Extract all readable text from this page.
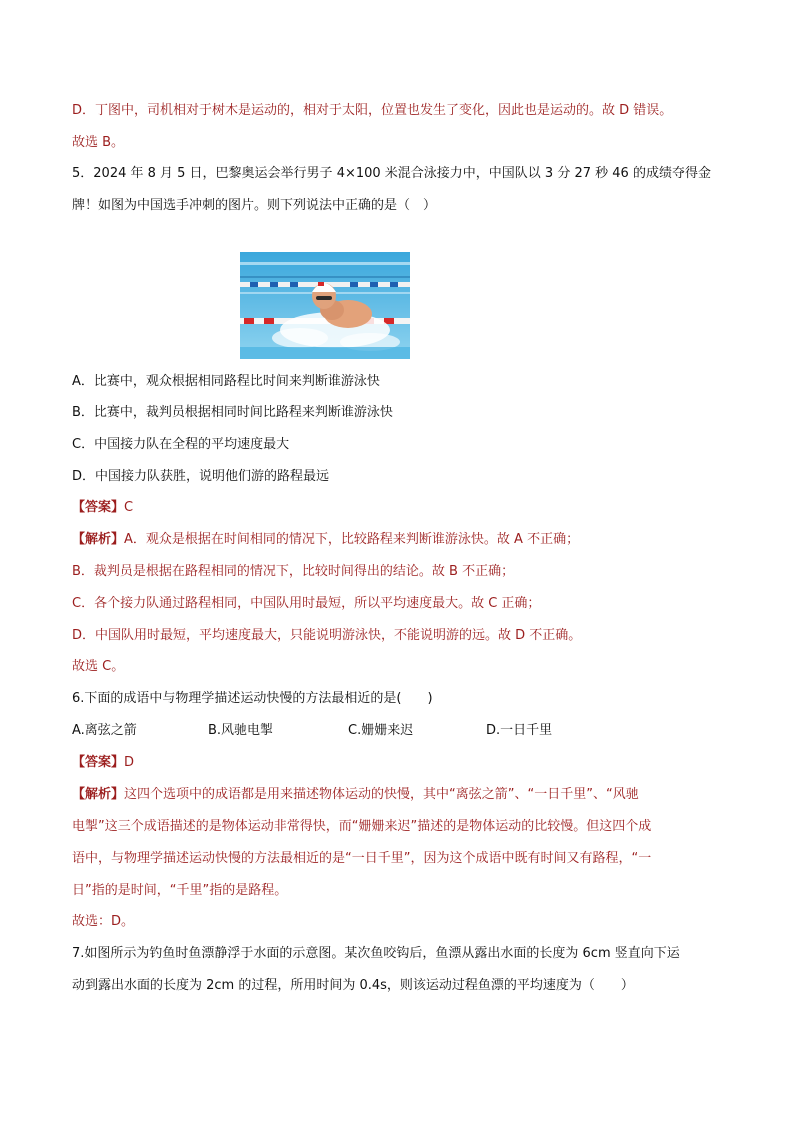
D．丁图中，司机相对于树木是运动的，相对于太阳，位置也发生了变化，因此也是运动的。故 D 错误。
故选 B。
5．2024 年 8 月 5 日，巴黎奥运会举行男子 4×100 米混合泳接力中，中国队以 3 分 27 秒 46 的成绩夺得金
牌！如图为中国选手冲刺的图片。则下列说法中正确的是（　）
A．比赛中，观众根据相同路程比时间来判断谁游泳快
B．比赛中，裁判员根据相同时间比路程来判断谁游泳快
C．中国接力队在全程的平均速度最大
D．中国接力队获胜，说明他们游的路程最远
【答案】C
【解析】A．观众是根据在时间相同的情况下，比较路程来判断谁游泳快。故 A 不正确；
B．裁判员是根据在路程相同的情况下，比较时间得出的结论。故 B 不正确；
C．各个接力队通过路程相同，中国队用时最短，所以平均速度最大。故 C 正确；
D．中国队用时最短，平均速度最大，只能说明游泳快，不能说明游的远。故 D 不正确。
故选 C。
6.下面的成语中与物理学描述运动快慢的方法最相近的是(　　)
A.离弦之箭	B.风驰电掣	C.姗姗来迟	D.一日千里
【答案】D
【解析】这四个选项中的成语都是用来描述物体运动的快慢，其中“离弦之箭”、“一日千里”、“风驰
电掣”这三个成语描述的是物体运动非常得快，而“姗姗来迟”描述的是物体运动的比较慢。但这四个成
语中，与物理学描述运动快慢的方法最相近的是“一日千里”，因为这个成语中既有时间又有路程，“一
日”指的是时间，“千里”指的是路程。
故选：D。
7.如图所示为钓鱼时鱼漂静浮于水面的示意图。某次鱼咬钩后，鱼漂从露出水面的长度为 6cm 竖直向下运
动到露出水面的长度为 2cm 的过程，所用时间为 0.4s，则该运动过程鱼漂的平均速度为（　　）
